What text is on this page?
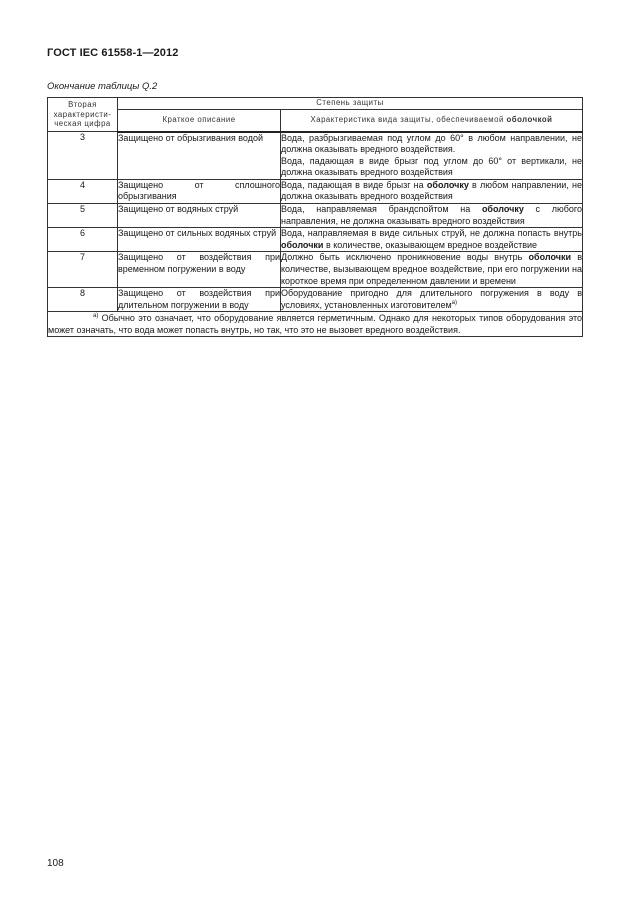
ГОСТ IEC 61558-1—2012
Окончание таблицы Q.2
Вторая характеристи-ческая цифра	Степень защиты	
	Краткое описание	Характеристика вида защиты, обеспечиваемой оболочкой
3	Защищено от обрызгивания водой	Вода, разбрызгиваемая под углом до 60° в любом направлении, не должна оказывать вредного воздействия.

Вода, падающая в виде брызг под углом до 60° от вертикали, не должна оказывать вредного воздействия

4	Защищено от сплошного обрызгивания	Вода, падающая в виде брызг на оболочку в любом направлении, не должна оказывать вредного воздействия
5	Защищено от водяных струй	Вода, направляемая брандспойтом на оболочку с любого направления, не должна оказывать вредного воздействия
6	Защищено от сильных водяных струй	Вода, направляемая в виде сильных струй, не должна попасть внутрь оболочки в количестве, оказывающем вредное воздействие
7	Защищено от воздействия при временном погружении в воду	Должно быть исключено проникновение воды внутрь оболочки в количестве, вызывающем вредное воздействие, при его погружении на короткое время при определенном давлении и времени
8	Защищено от воздействия при длительном погружении в воду	Оборудование пригодно для длительного погружения в воду в условиях, установленных изготовителем$^{а)}$
$^{а)}$ Обычно это означает, что оборудование является герметичным. Однако для некоторых типов оборудования это может означать, что вода может попасть внутрь, но так, что это не вызовет вредного воздействия.		
108
